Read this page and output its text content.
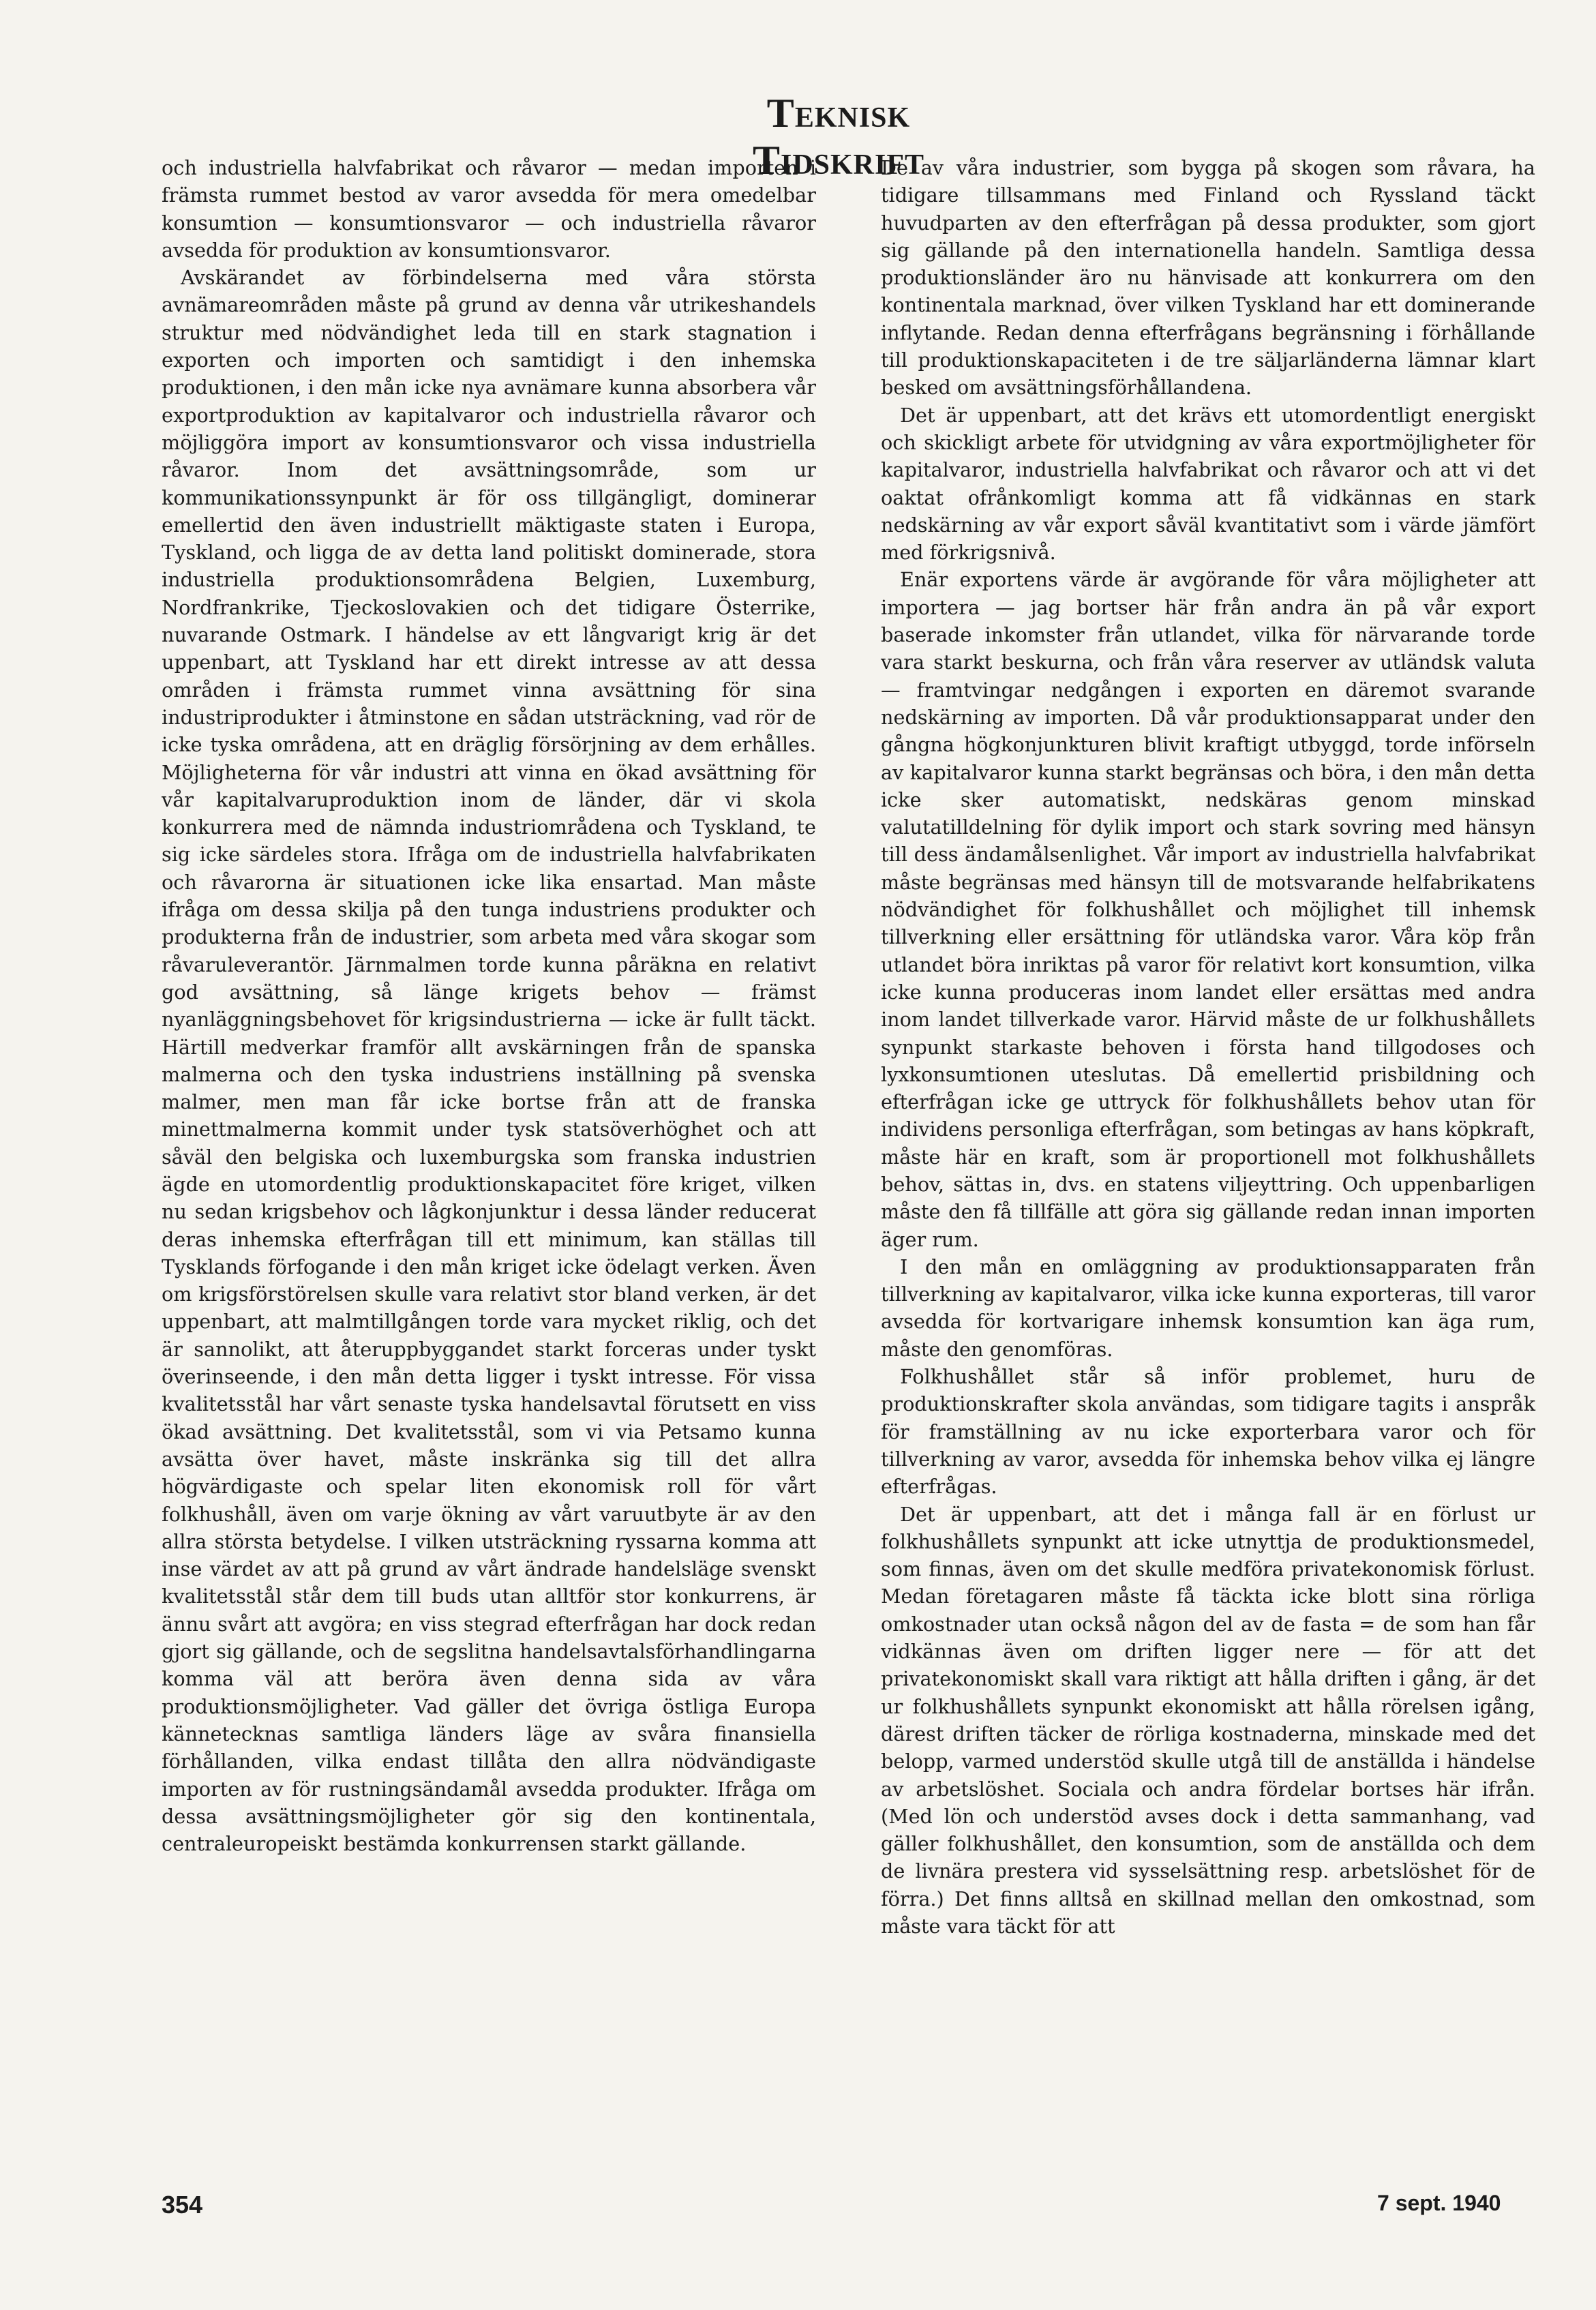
Teknisk Tidskrift

och industriella halvfabrikat och råvaror — medan importen i främsta rummet bestod av varor avsedda för mera omedelbar konsumtion — konsumtionsvaror — och industriella råvaror avsedda för produktion av konsumtionsvaror.

Avskärandet av förbindelserna med våra största avnämareområden måste på grund av denna vår utrikeshandels struktur med nödvändighet leda till en stark stagnation i exporten och importen och samtidigt i den inhemska produktionen, i den mån icke nya avnämare kunna absorbera vår exportproduktion av kapitalvaror och industriella råvaror och möjliggöra import av konsumtionsvaror och vissa industriella råvaror. Inom det avsättningsområde, som ur kommunikationssynpunkt är för oss tillgängligt, dominerar emellertid den även industriellt mäktigaste staten i Europa, Tyskland, och ligga de av detta land politiskt dominerade, stora industriella produktionsområdena Belgien, Luxemburg, Nordfrankrike, Tjeckoslovakien och det tidigare Österrike, nuvarande Ostmark. I händelse av ett långvarigt krig är det uppenbart, att Tyskland har ett direkt intresse av att dessa områden i främsta rummet vinna avsättning för sina industriprodukter i åtminstone en sådan utsträckning, vad rör de icke tyska områdena, att en dräglig försörjning av dem erhålles. Möjligheterna för vår industri att vinna en ökad avsättning för vår kapitalvaruproduktion inom de länder, där vi skola konkurrera med de nämnda industriområdena och Tyskland, te sig icke särdeles stora. Ifråga om de industriella halvfabrikaten och råvarorna är situationen icke lika ensartad. Man måste ifråga om dessa skilja på den tunga industriens produkter och produkterna från de industrier, som arbeta med våra skogar som råvaruleverantör. Järnmalmen torde kunna påräkna en relativt god avsättning, så länge krigets behov — främst nyanläggningsbehovet för krigsindustrierna — icke är fullt täckt. Härtill medverkar framför allt avskärningen från de spanska malmerna och den tyska industriens inställning på svenska malmer, men man får icke bortse från att de franska minettmalmerna kommit under tysk statsöverhöghet och att såväl den belgiska och luxemburgska som franska industrien ägde en utomordentlig produktionskapacitet före kriget, vilken nu sedan krigsbehov och lågkonjunktur i dessa länder reducerat deras inhemska efterfrågan till ett minimum, kan ställas till Tysklands förfogande i den mån kriget icke ödelagt verken. Även om krigsförstörelsen skulle vara relativt stor bland verken, är det uppenbart, att malmtillgången torde vara mycket riklig, och det är sannolikt, att återuppbyggandet starkt forceras under tyskt överinseende, i den mån detta ligger i tyskt intresse. För vissa kvalitetsstål har vårt senaste tyska handelsavtal förutsett en viss ökad avsättning. Det kvalitetsstål, som vi via Petsamo kunna avsätta över havet, måste inskränka sig till det allra högvärdigaste och spelar liten ekonomisk roll för vårt folkhushåll, även om varje ökning av vårt varuutbyte är av den allra största betydelse. I vilken utsträckning ryssarna komma att inse värdet av att på grund av vårt ändrade handelsläge svenskt kvalitetsstål står dem till buds utan alltför stor konkurrens, är ännu svårt att avgöra; en viss stegrad efterfrågan har dock redan gjort sig gällande, och de segslitna handelsavtalsförhandlingarna komma väl att beröra även denna sida av våra produktionsmöjligheter. Vad gäller det övriga östliga Europa kännetecknas samtliga länders läge av svåra finansiella förhållanden, vilka endast tillåta den allra nödvändigaste importen av för rustningsändamål avsedda produkter. Ifråga om dessa avsättningsmöjligheter gör sig den kontinentala, centraleuropeiskt bestämda konkurrensen starkt gällande.

De av våra industrier, som bygga på skogen som råvara, ha tidigare tillsammans med Finland och Ryssland täckt huvudparten av den efterfrågan på dessa produkter, som gjort sig gällande på den internationella handeln. Samtliga dessa produktionsländer äro nu hänvisade att konkurrera om den kontinentala marknad, över vilken Tyskland har ett dominerande inflytande. Redan denna efterfrågans begränsning i förhållande till produktionskapaciteten i de tre säljarländerna lämnar klart besked om avsättningsförhållandena.

Det är uppenbart, att det krävs ett utomordentligt energiskt och skickligt arbete för utvidgning av våra exportmöjligheter för kapitalvaror, industriella halvfabrikat och råvaror och att vi det oaktat ofrånkomligt komma att få vidkännas en stark nedskärning av vår export såväl kvantitativt som i värde jämfört med förkrigsnivå.

Enär exportens värde är avgörande för våra möjligheter att importera — jag bortser här från andra än på vår export baserade inkomster från utlandet, vilka för närvarande torde vara starkt beskurna, och från våra reserver av utländsk valuta — framtvingar nedgången i exporten en däremot svarande nedskärning av importen. Då vår produktionsapparat under den gångna högkonjunkturen blivit kraftigt utbyggd, torde införseln av kapitalvaror kunna starkt begränsas och böra, i den mån detta icke sker automatiskt, nedskäras genom minskad valutatilldelning för dylik import och stark sovring med hänsyn till dess ändamålsenlighet. Vår import av industriella halvfabrikat måste begränsas med hänsyn till de motsvarande helfabrikatens nödvändighet för folkhushållet och möjlighet till inhemsk tillverkning eller ersättning för utländska varor. Våra köp från utlandet böra inriktas på varor för relativt kort konsumtion, vilka icke kunna produceras inom landet eller ersättas med andra inom landet tillverkade varor. Härvid måste de ur folkhushållets synpunkt starkaste behoven i första hand tillgodoses och lyxkonsumtionen uteslutas. Då emellertid prisbildning och efterfrågan icke ge uttryck för folkhushållets behov utan för individens personliga efterfrågan, som betingas av hans köpkraft, måste här en kraft, som är proportionell mot folkhushållets behov, sättas in, dvs. en statens viljeyttring. Och uppenbarligen måste den få tillfälle att göra sig gällande redan innan importen äger rum.

I den mån en omläggning av produktionsapparaten från tillverkning av kapitalvaror, vilka icke kunna exporteras, till varor avsedda för kortvarigare inhemsk konsumtion kan äga rum, måste den genomföras.

Folkhushållet står så inför problemet, huru de produktionskrafter skola användas, som tidigare tagits i anspråk för framställning av nu icke exporterbara varor och för tillverkning av varor, avsedda för inhemska behov vilka ej längre efterfrågas.

Det är uppenbart, att det i många fall är en förlust ur folkhushållets synpunkt att icke utnyttja de produktionsmedel, som finnas, även om det skulle medföra privatekonomisk förlust. Medan företagaren måste få täckta icke blott sina rörliga omkostnader utan också någon del av de fasta = de som han får vidkännas även om driften ligger nere — för att det privatekonomiskt skall vara riktigt att hålla driften i gång, är det ur folkhushållets synpunkt ekonomiskt att hålla rörelsen igång, därest driften täcker de rörliga kostnaderna, minskade med det belopp, varmed understöd skulle utgå till de anställda i händelse av arbetslöshet. Sociala och andra fördelar bortses här ifrån. (Med lön och understöd avses dock i detta sammanhang, vad gäller folkhushållet, den konsumtion, som de anställda och dem de livnära prestera vid sysselsättning resp. arbetslöshet för de förra.) Det finns alltså en skillnad mellan den omkostnad, som måste vara täckt för att

354	7 sept. 1940
